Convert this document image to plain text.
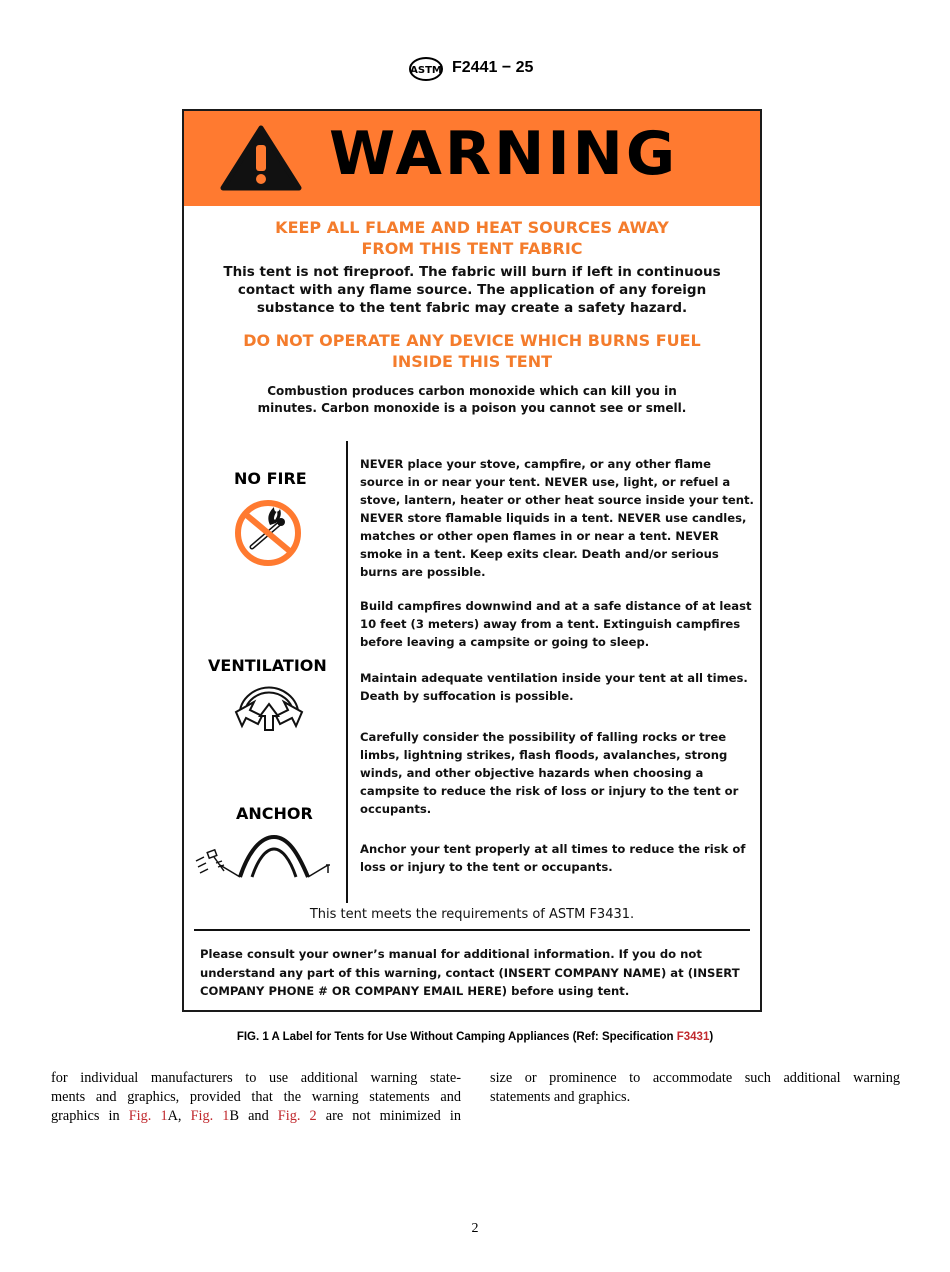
ASTM F2441 − 25
WARNING
KEEP ALL FLAME AND HEAT SOURCES AWAY
FROM THIS TENT FABRIC
This tent is not fireproof. The fabric will burn if left in continuous
contact with any flame source. The application of any foreign
substance to the tent fabric may create a safety hazard.
DO NOT OPERATE ANY DEVICE WHICH BURNS FUEL
INSIDE THIS TENT
Combustion produces carbon monoxide which can kill you in
minutes. Carbon monoxide is a poison you cannot see or smell.
NO FIRE
VENTILATION
ANCHOR
NEVER place your stove, campfire, or any other flame
source in or near your tent. NEVER use, light, or refuel a
stove, lantern, heater or other heat source inside your tent.
NEVER store flamable liquids in a tent. NEVER use candles,
matches or other open flames in or near a tent. NEVER
smoke in a tent. Keep exits clear. Death and/or serious
burns are possible.
Build campfires downwind and at a safe distance of at least
10 feet (3 meters) away from a tent. Extinguish campfires
before leaving a campsite or going to sleep.
Maintain adequate ventilation inside your tent at all times.
Death by suffocation is possible.
Carefully consider the possibility of falling rocks or tree
limbs, lightning strikes, flash floods, avalanches, strong
winds, and other objective hazards when choosing a
campsite to reduce the risk of loss or injury to the tent or
occupants.
Anchor your tent properly at all times to reduce the risk of
loss or injury to the tent or occupants.
This tent meets the requirements of ASTM F3431.
Please consult your owner’s manual for additional information. If you do not
understand any part of this warning, contact (INSERT COMPANY NAME) at (INSERT
COMPANY PHONE # OR COMPANY EMAIL HERE) before using tent.
FIG. 1 A Label for Tents for Use Without Camping Appliances (Ref: Specification F3431)
for individual manufacturers to use additional warning state-
ments and graphics, provided that the warning statements and
graphics in Fig. 1A, Fig. 1B and Fig. 2 are not minimized in
size or prominence to accommodate such additional warning
statements and graphics.
2
